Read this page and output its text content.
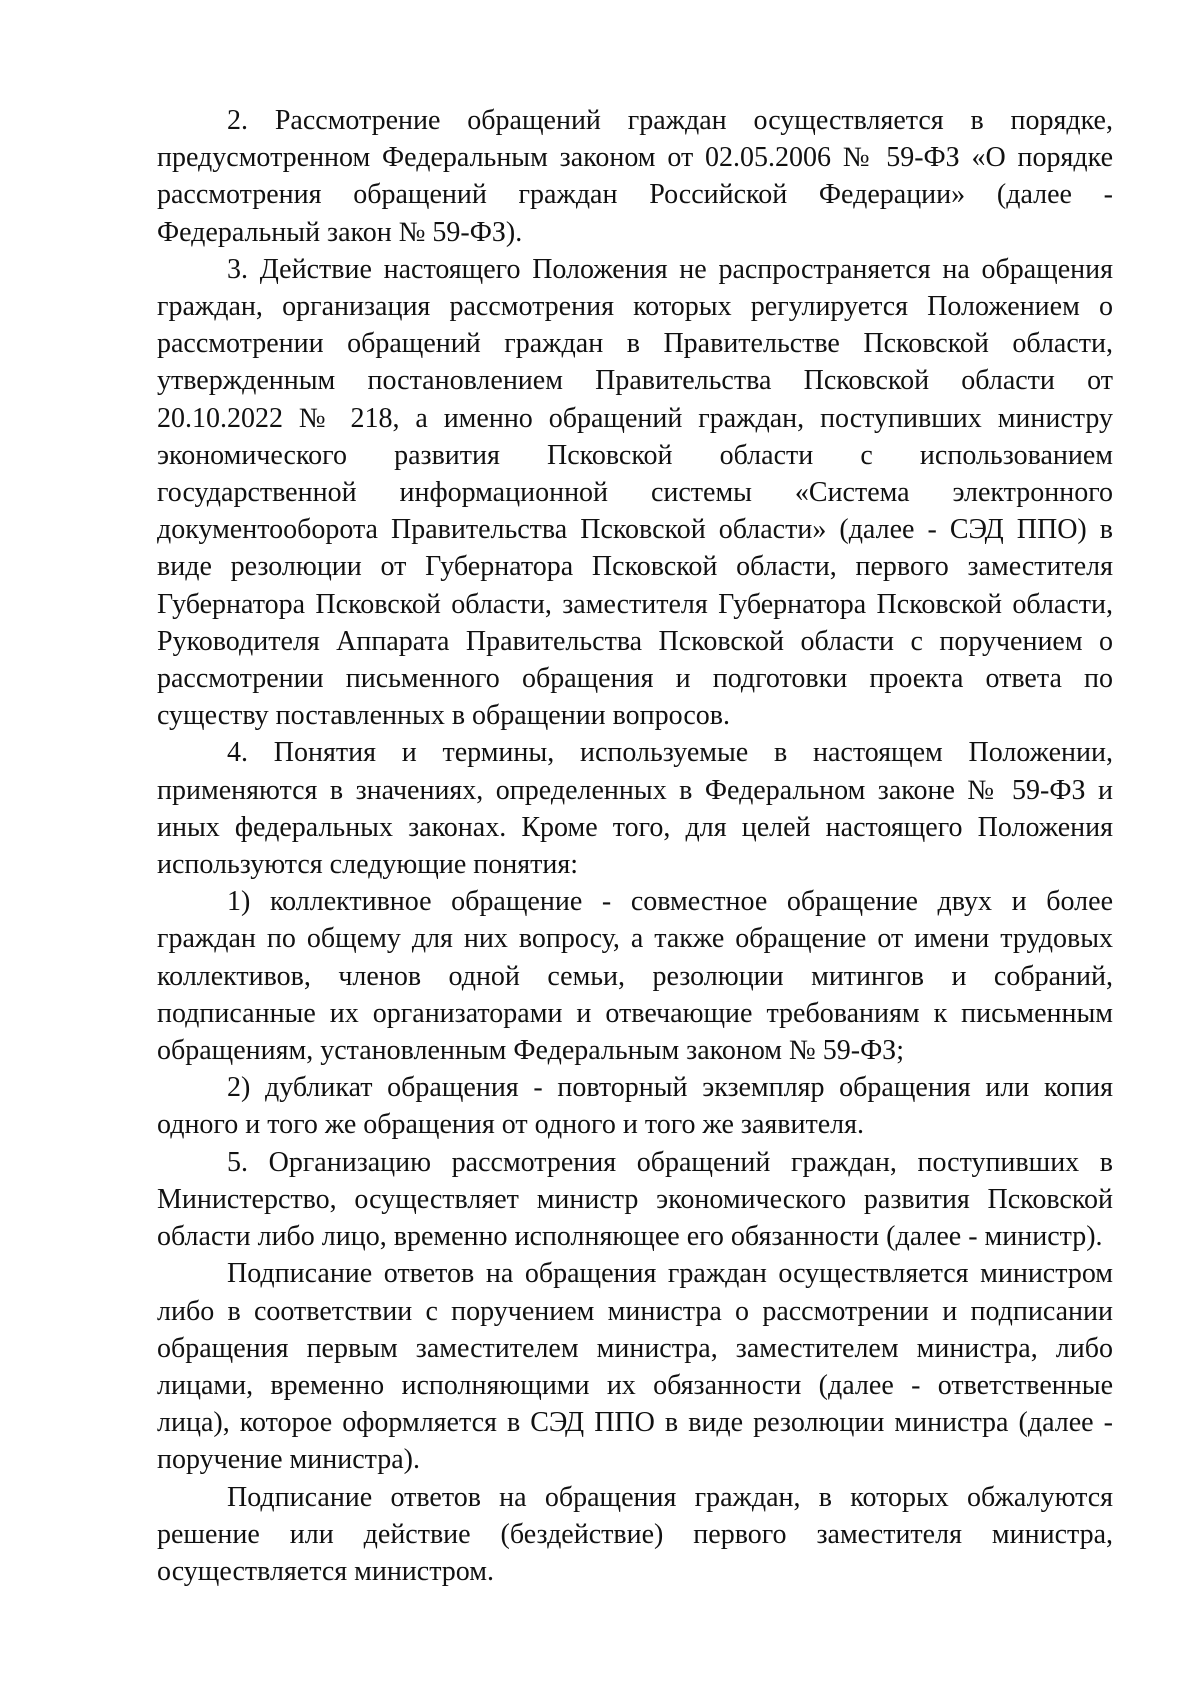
2. Рассмотрение обращений граждан осуществляется в порядке, предусмотренном Федеральным законом от 02.05.2006 № 59-ФЗ «О порядке рассмотрения обращений граждан Российской Федерации» (далее - Федеральный закон № 59-ФЗ).

3. Действие настоящего Положения не распространяется на обращения граждан, организация рассмотрения которых регулируется Положением о рассмотрении обращений граждан в Правительстве Псковской области, утвержденным постановлением Правительства Псковской области от 20.10.2022 № 218, а именно обращений граждан, поступивших министру экономического развития Псковской области с использованием государственной информационной системы «Система электронного документооборота Правительства Псковской области» (далее - СЭД ППО) в виде резолюции от Губернатора Псковской области, первого заместителя Губернатора Псковской области, заместителя Губернатора Псковской области, Руководителя Аппарата Правительства Псковской области с поручением о рассмотрении письменного обращения и подготовки проекта ответа по существу поставленных в обращении вопросов.

4. Понятия и термины, используемые в настоящем Положении, применяются в значениях, определенных в Федеральном законе № 59-ФЗ и иных федеральных законах. Кроме того, для целей настоящего Положения используются следующие понятия:

1) коллективное обращение - совместное обращение двух и более граждан по общему для них вопросу, а также обращение от имени трудовых коллективов, членов одной семьи, резолюции митингов и собраний, подписанные их организаторами и отвечающие требованиям к письменным обращениям, установленным Федеральным законом № 59-ФЗ;

2) дубликат обращения - повторный экземпляр обращения или копия одного и того же обращения от одного и того же заявителя.

5. Организацию рассмотрения обращений граждан, поступивших в Министерство, осуществляет министр экономического развития Псковской области либо лицо, временно исполняющее его обязанности (далее - министр).

Подписание ответов на обращения граждан осуществляется министром либо в соответствии с поручением министра о рассмотрении и подписании обращения первым заместителем министра, заместителем министра, либо лицами, временно исполняющими их обязанности (далее - ответственные лица), которое оформляется в СЭД ППО в виде резолюции министра (далее - поручение министра).

Подписание ответов на обращения граждан, в которых обжалуются решение или действие (бездействие) первого заместителя министра, осуществляется министром.
